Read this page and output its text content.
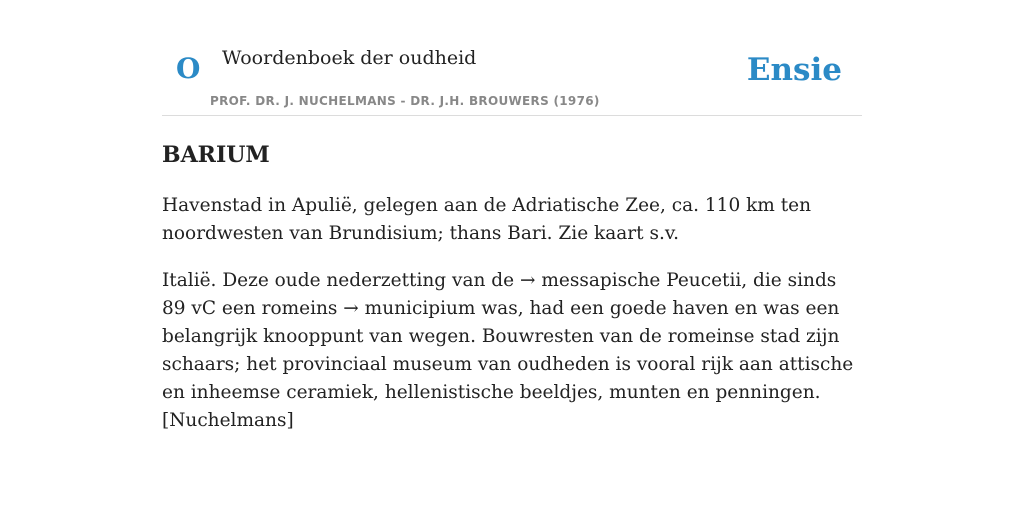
O Woordenboek der oudheid
PROF. DR. J. NUCHELMANS - DR. J.H. BROUWERS (1976)
Ensie
BARIUM

Havenstad in Apulië, gelegen aan de Adriatische Zee, ca. 110 km ten noordwesten van Brundisium; thans Bari. Zie kaart s.v.

Italië. Deze oude nederzetting van de → messapische Peucetii, die sinds 89 vC een romeins → municipium was, had een goede haven en was een belangrijk knooppunt van wegen. Bouwresten van de romeinse stad zijn schaars; het provinciaal museum van oudheden is vooral rijk aan attische en inheemse ceramiek, hellenistische beeldjes, munten en penningen.[Nuchelmans]
